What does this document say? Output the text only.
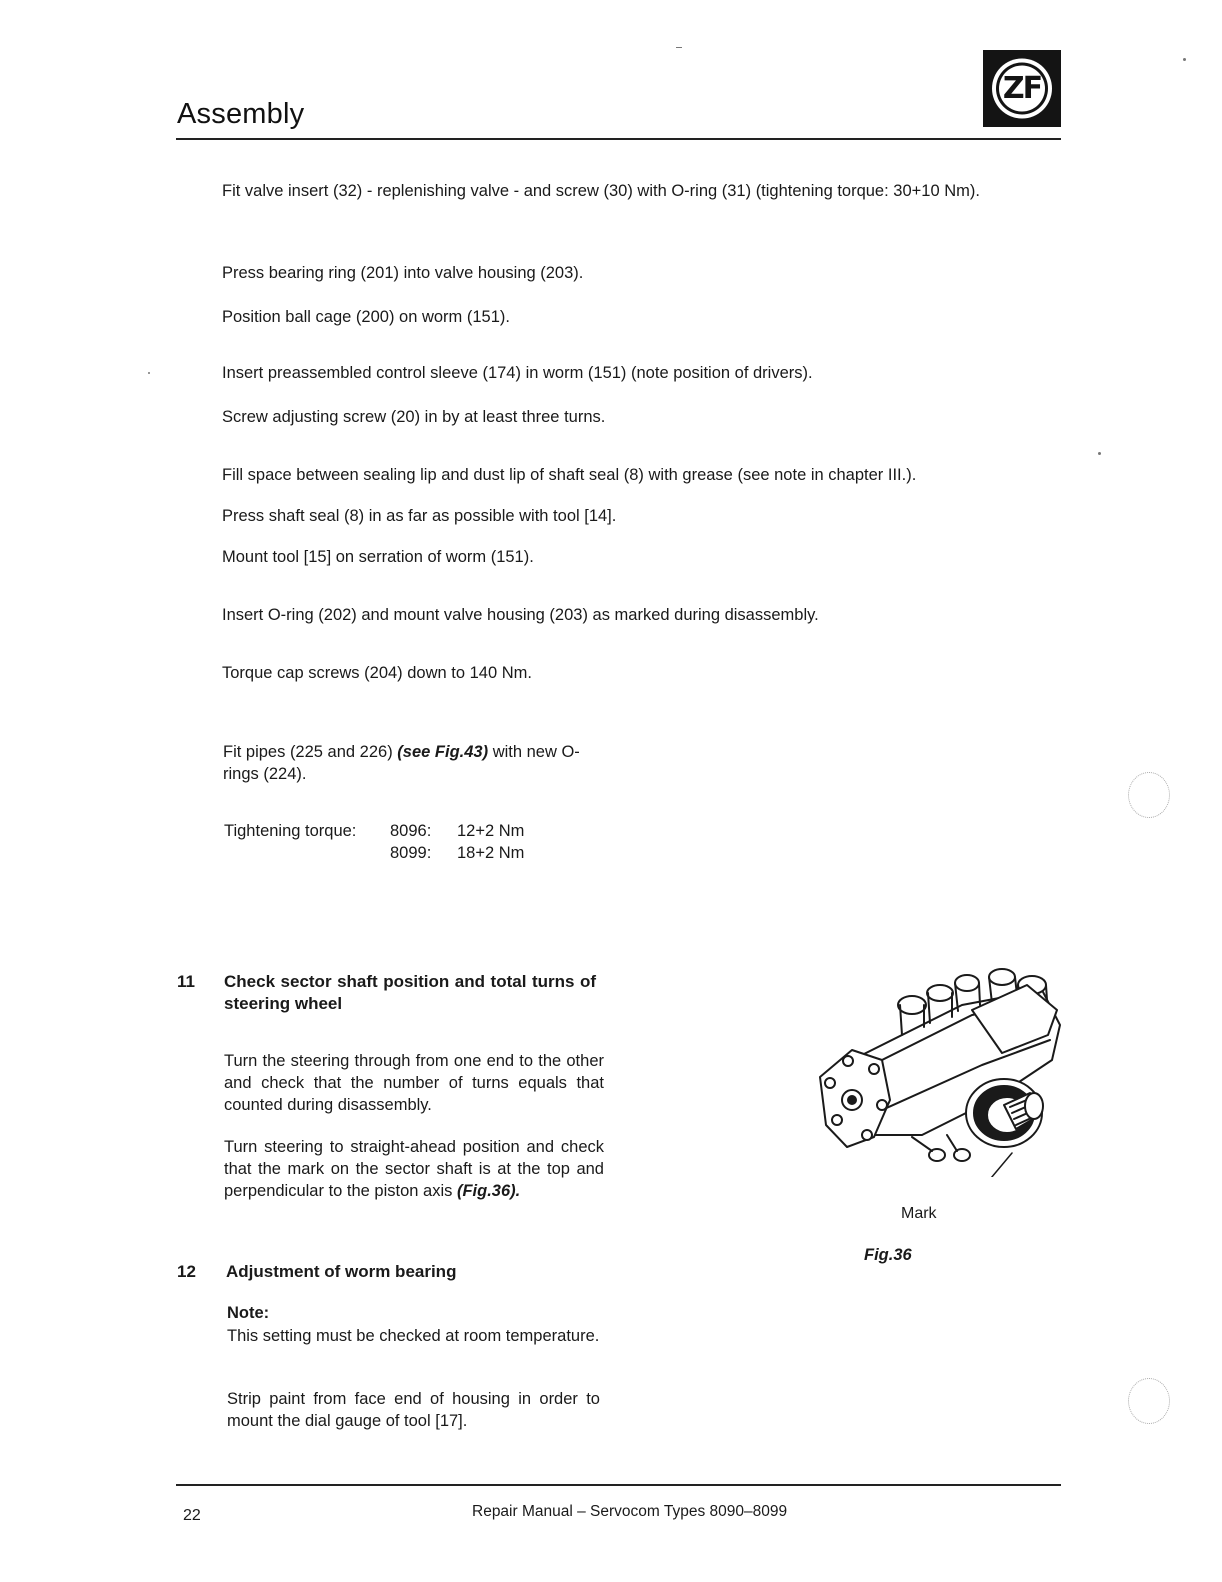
Assembly
ZF
Fit valve insert (32) - replenishing valve - and screw (30) with O-ring (31) (tightening torque: 30+10 Nm).
Press bearing ring (201) into valve housing (203).
Position ball cage (200) on worm (151).
Insert preassembled control sleeve (174) in worm (151) (note position of drivers).
Screw adjusting screw (20) in by at least three turns.
Fill space between sealing lip and dust lip of shaft seal (8) with grease (see note in chapter III.).
Press shaft seal (8) in as far as possible with tool [14].
Mount tool [15] on serration of worm (151).
Insert O-ring (202) and mount valve housing (203) as marked during disassembly.
Torque cap screws (204) down to 140 Nm.
Fit pipes (225 and 226) (see Fig.43) with new O-rings (224).
Tightening torque:	8096:	12+2 Nm
	8099:	18+2 Nm
11 Check sector shaft position and total turns of steering wheel
Turn the steering through from one end to the other and check that the number of turns equals that counted during disassembly.
Turn steering to straight-ahead position and check that the mark on the sector shaft is at the top and perpendicular to the piston axis (Fig.36).
12 Adjustment of worm bearing
Note:
This setting must be checked at room temperature.
Strip paint from face end of housing in order to mount the dial gauge of tool [17].
Mark
Fig.36
22	Repair Manual – Servocom Types 8090–8099
